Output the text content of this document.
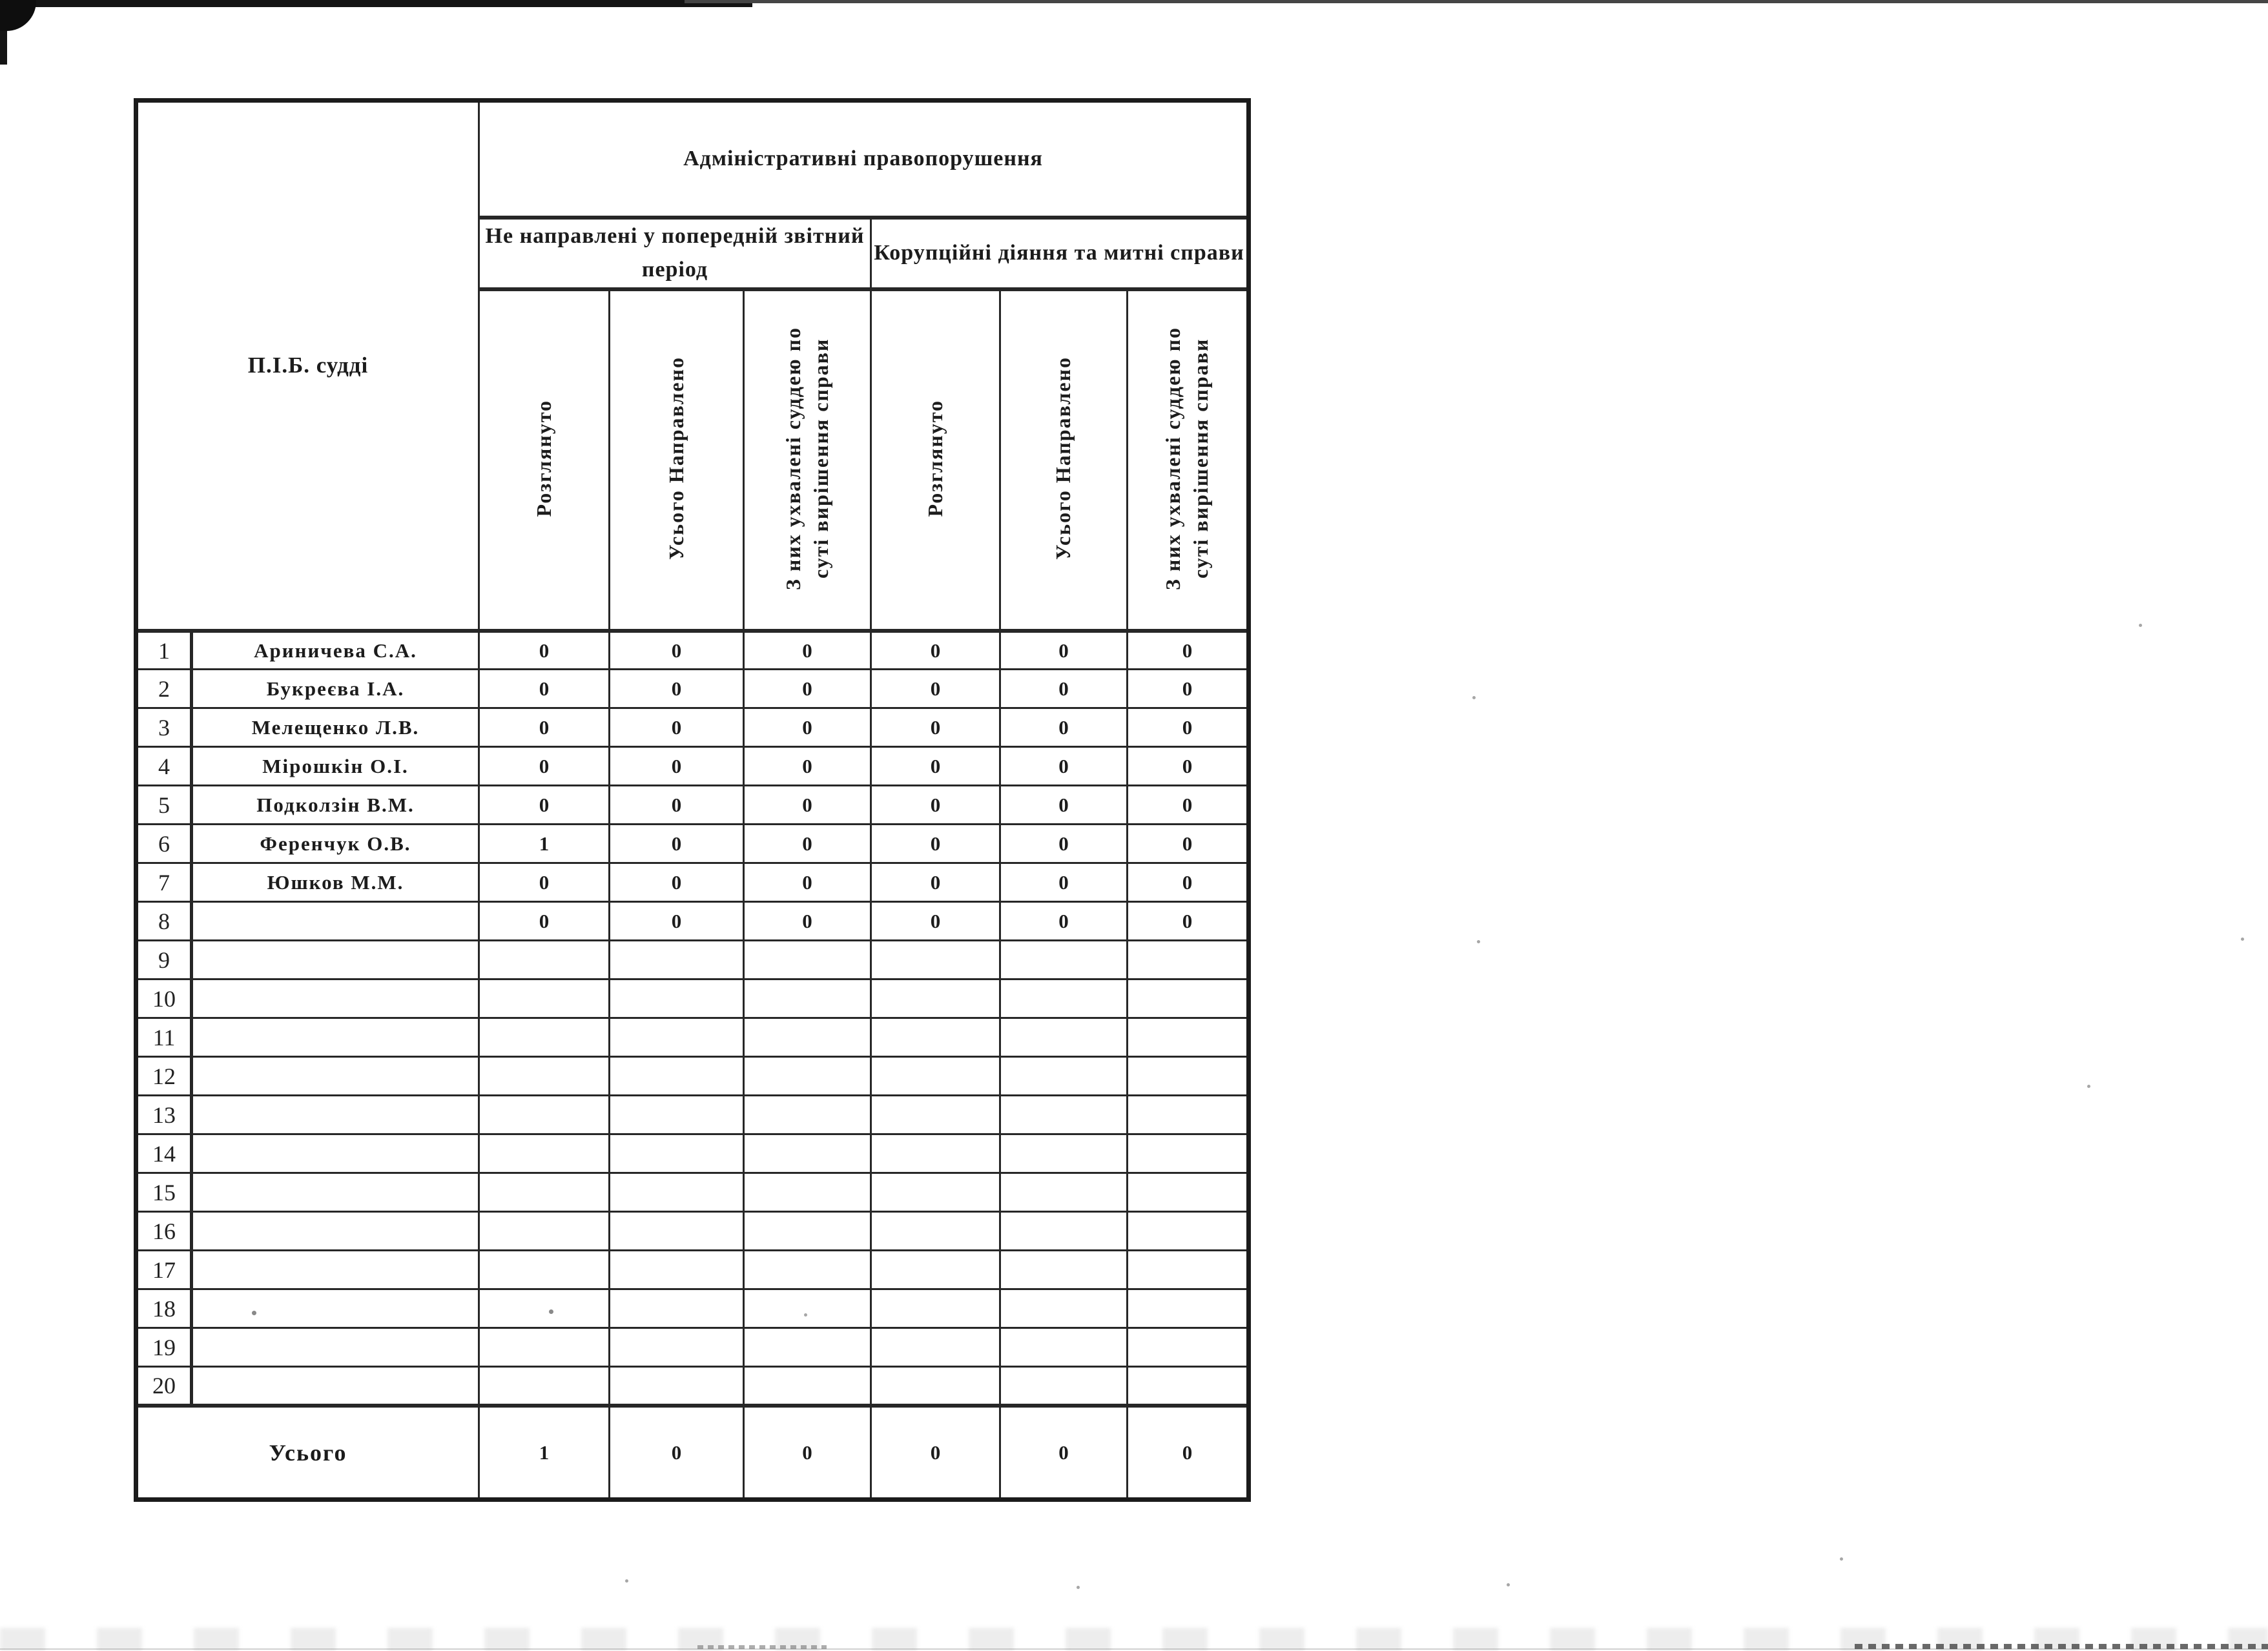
П.І.Б. судді		Адміністративні правопорушення					
		Не направлені у попередній звітний період			Корупційні діяння та митні справи		
		Розглянуто	Усього Направлено	З них ухвалені суддею по суті вирішення справи	Розглянуто	Усього Направлено	З них ухвалені суддею по суті вирішення справи
1	Ариничева С.А.	0	0	0	0	0	0
2	Букреєва І.А.	0	0	0	0	0	0
3	Мелещенко Л.В.	0	0	0	0	0	0
4	Мірошкін О.І.	0	0	0	0	0	0
5	Подколзін В.М.	0	0	0	0	0	0
6	Ференчук О.В.	1	0	0	0	0	0
7	Юшков М.М.	0	0	0	0	0	0
8		0	0	0	0	0	0
9							
10							
11							
12							
13							
14							
15							
16							
17							
18							
19							
20							
Усього		1	0	0	0	0	0
